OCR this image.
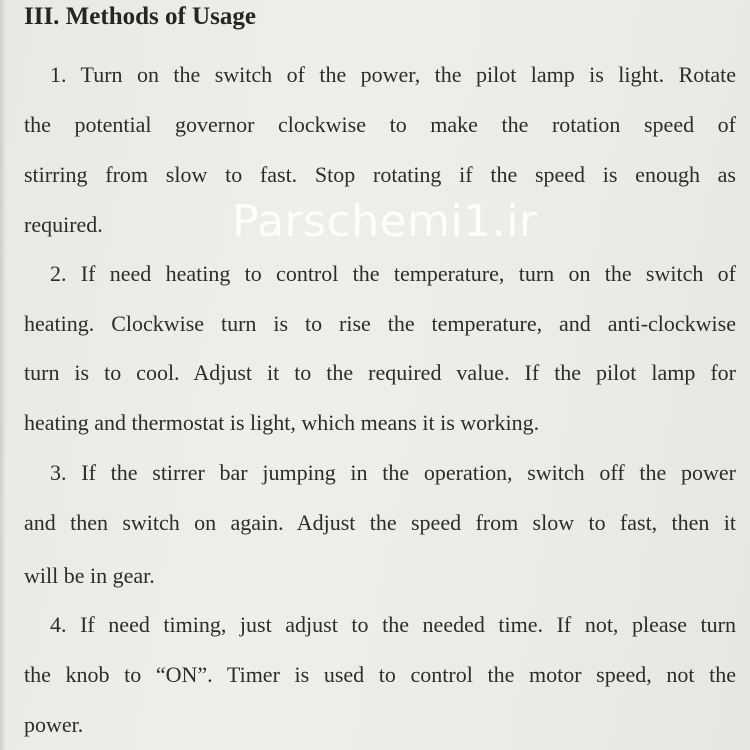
III. Methods of Usage
1. Turn on the switch of the power, the pilot lamp is light. Rotate
the potential governor clockwise to make the rotation speed of
stirring from slow to fast. Stop rotating if the speed is enough as
required.
2. If need heating to control the temperature, turn on the switch of
heating. Clockwise turn is to rise the temperature, and anti-clockwise
turn is to cool. Adjust it to the required value. If the pilot lamp for
heating and thermostat is light, which means it is working.
3. If the stirrer bar jumping in the operation, switch off the power
and then switch on again. Adjust the speed from slow to fast, then it
will be in gear.
4. If need timing, just adjust to the needed time. If not, please turn
the knob to “ON”. Timer is used to control the motor speed, not the
power.
Parschemi1.ir
